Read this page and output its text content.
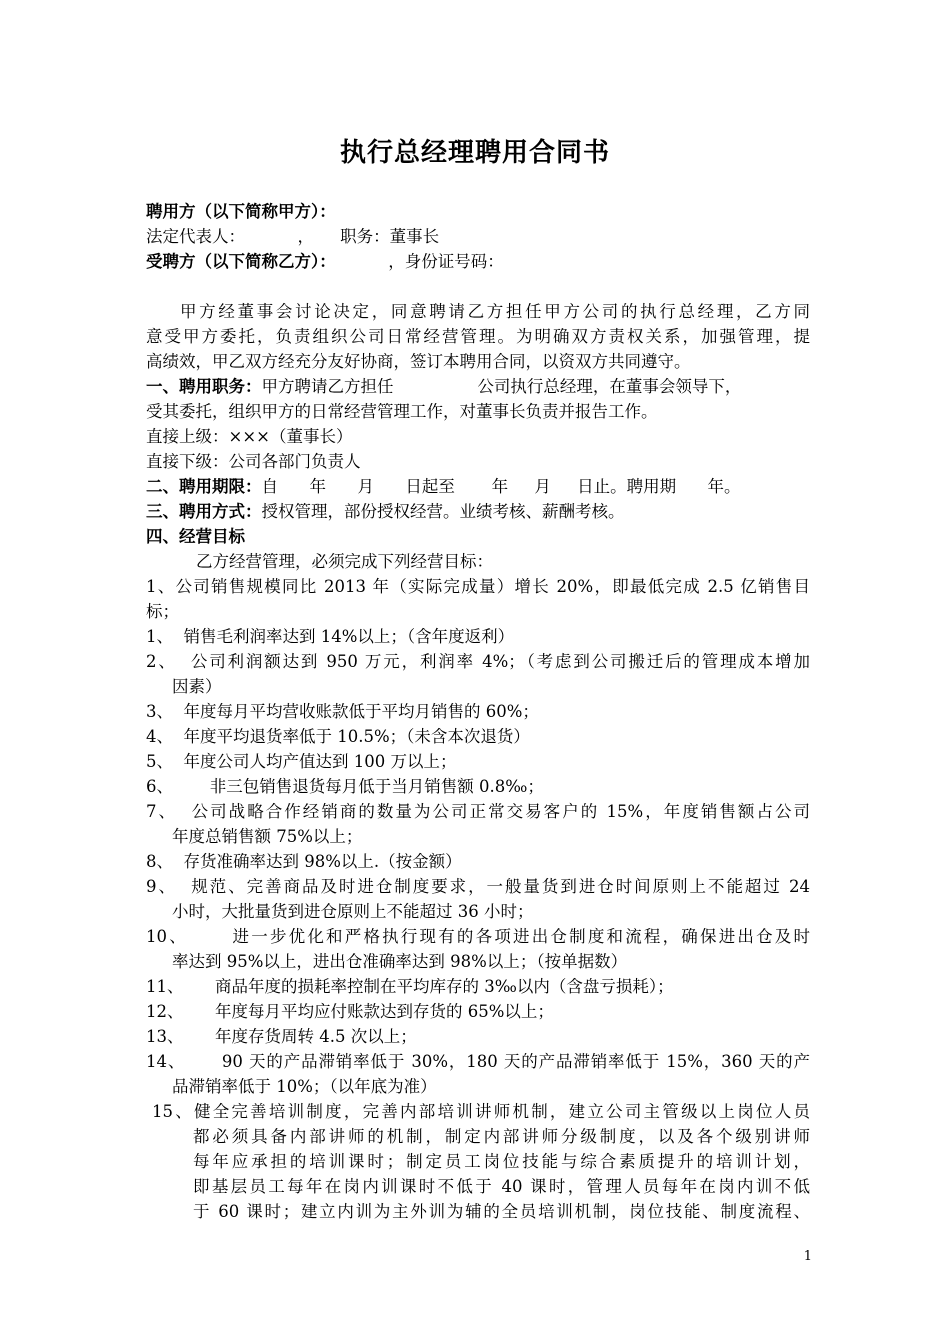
执行总经理聘用合同书
聘用方（以下简称甲方）：
法定代表人：          ，     职务：董事长
受聘方（以下简称乙方）：          ，身份证号码：
甲方经董事会讨论决定，同意聘请乙方担任甲方公司的执行总经理，乙方同
意受甲方委托，负责组织公司日常经营管理。为明确双方责权关系，加强管理，提
高绩效，甲乙双方经充分友好协商，签订本聘用合同，以资双方共同遵守。
一、聘用职务：甲方聘请乙方担任                公司执行总经理，在董事会领导下，
受其委托，组织甲方的日常经营管理工作，对董事长负责并报告工作。
直接上级：×××（董事长）
直接下级：公司各部门负责人
二、聘用期限：自      年      月      日起至       年     月     日止。聘用期      年。
三、聘用方式：授权管理，部份授权经营。业绩考核、薪酬考核。
四、经营目标
乙方经营管理，必须完成下列经营目标：
1、公司销售规模同比 2013 年（实际完成量）增长 20%，即最低完成 2.5 亿销售目
标；
1、  销售毛利润率达到 14%以上；（含年度返利）
2、  公司利润额达到 950 万元，利润率 4%；（考虑到公司搬迁后的管理成本增加
因素）
3、  年度每月平均营收账款低于平均月销售的 60%；
4、  年度平均退货率低于 10.5%；（未含本次退货）
5、  年度公司人均产值达到 100 万以上；
6、       非三包销售退货每月低于当月销售额 0.8‰；
7、  公司战略合作经销商的数量为公司正常交易客户的 15%，年度销售额占公司
年度总销售额 75%以上；
8、  存货准确率达到 98%以上.（按金额）
9、  规范、完善商品及时进仓制度要求，一般量货到进仓时间原则上不能超过 24
小时，大批量货到进仓原则上不能超过 36 小时；
10、      进一步优化和严格执行现有的各项进出仓制度和流程，确保进出仓及时
率达到 95%以上，进出仓准确率达到 98%以上；（按单据数）
11、      商品年度的损耗率控制在平均库存的 3‰以内（含盘亏损耗）；
12、      年度每月平均应付账款达到存货的 65%以上；
13、      年度存货周转 4.5 次以上；
14、      90 天的产品滞销率低于 30%，180 天的产品滞销率低于 15%，360 天的产
品滞销率低于 10%；（以年底为准）
15、健全完善培训制度，完善内部培训讲师机制，建立公司主管级以上岗位人员
都必须具备内部讲师的机制，制定内部讲师分级制度，以及各个级别讲师
每年应承担的培训课时；制定员工岗位技能与综合素质提升的培训计划，
即基层员工每年在岗内训课时不低于 40 课时，管理人员每年在岗内训不低
于 60 课时；建立内训为主外训为辅的全员培训机制，岗位技能、制度流程、
1
